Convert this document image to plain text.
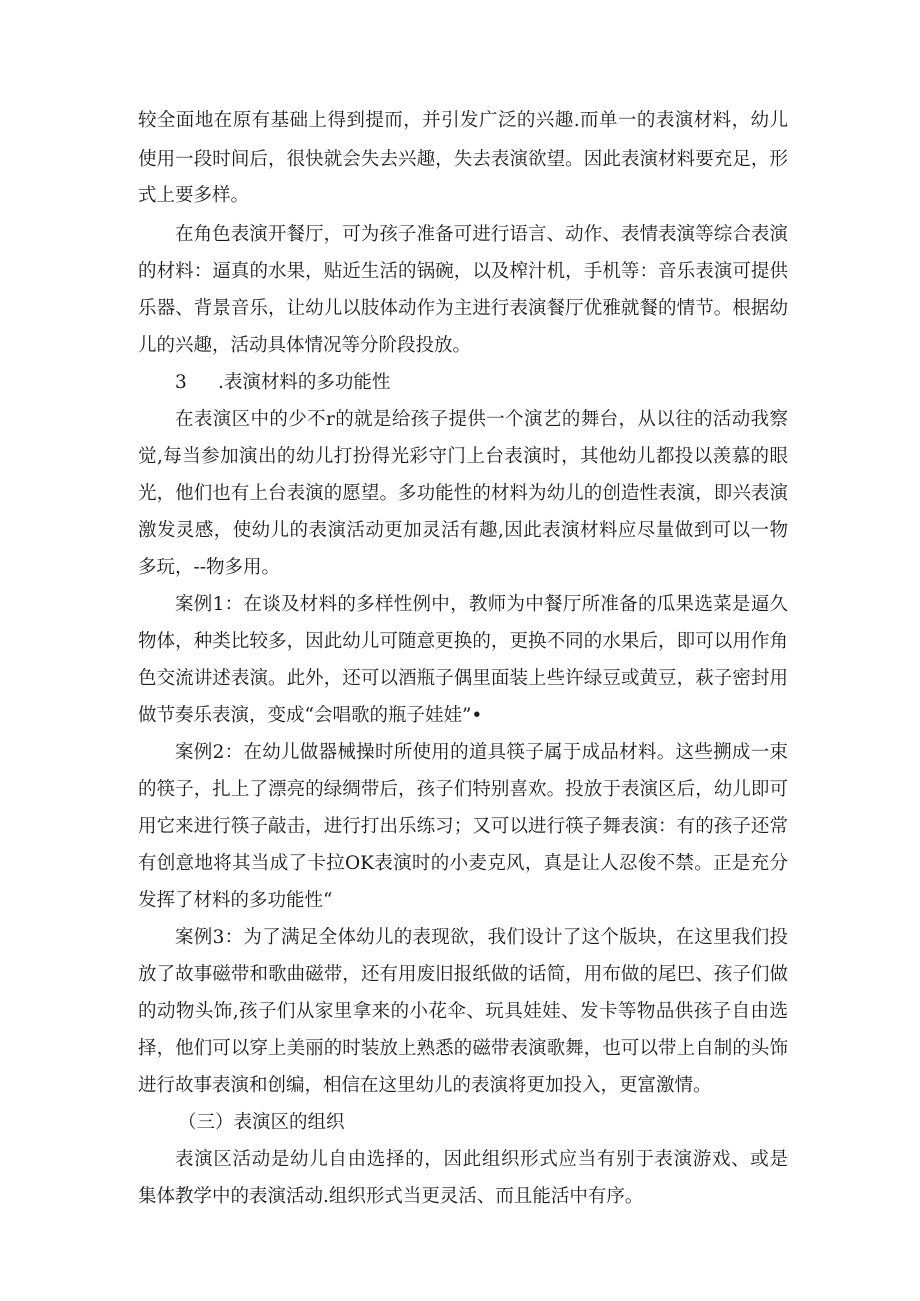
较全面地在原有基础上得到提而，并引发广泛的兴趣.而单一的表演材料，幼儿
使用一段时间后，很快就会失去兴趣，失去表演欲望。因此表演材料要充足，形
式上要多样。
在角色表演开餐厅，可为孩子准备可进行语言、动作、表情表演等综合表演
的材料：逼真的水果，贴近生活的锅碗，以及榨汁机，手机等：音乐表演可提供
乐器、背景音乐，让幼儿以肢体动作为主进行表演餐厅优雅就餐的情节。根据幼
儿的兴趣，活动具体情况等分阶段投放。
3 .表演材料的多功能性
在表演区中的少不r的就是给孩子提供一个演艺的舞台，从以往的活动我察
觉,每当参加演出的幼儿打扮得光彩守门上台表演时，其他幼儿都投以羡慕的眼
光，他们也有上台表演的愿望。多功能性的材料为幼儿的创造性表演，即兴表演
激发灵感，使幼儿的表演活动更加灵活有趣,因此表演材料应尽量做到可以一物
多玩，--物多用。
案例1：在谈及材料的多样性例中，教师为中餐厅所准备的瓜果选菜是逼久
物体，种类比较多，因此幼儿可随意更换的，更换不同的水果后，即可以用作角
色交流讲述表演。此外，还可以酒瓶子偶里面装上些许绿豆或黄豆，萩子密封用
做节奏乐表演，变成“会唱歌的瓶子娃娃”•
案例2：在幼儿做器械操时所使用的道具筷子属于成品材料。这些搠成一束
的筷子，扎上了漂亮的绿绸带后，孩子们特别喜欢。投放于表演区后，幼儿即可
用它来进行筷子敲击，进行打出乐练习；又可以进行筷子舞表演：有的孩子还常
有创意地将其当成了卡拉OK表演时的小麦克风，真是让人忍俊不禁。正是充分
发挥了材料的多功能性“
案例3：为了满足全体幼儿的表现欲，我们设计了这个版块，在这里我们投
放了故事磁带和歌曲磁带，还有用废旧报纸做的话简，用布做的尾巴、孩子们做
的动物头饰,孩子们从家里拿来的小花伞、玩具娃娃、发卡等物品供孩子自由选
择，他们可以穿上美丽的时装放上熟悉的磁带表演歌舞，也可以带上自制的头饰
进行故事表演和创编，相信在这里幼儿的表演将更加投入，更富激情。
（三）表演区的组织
表演区活动是幼儿自由选择的，因此组织形式应当有别于表演游戏、或是
集体教学中的表演活动.组织形式当更灵活、而且能活中有序。
